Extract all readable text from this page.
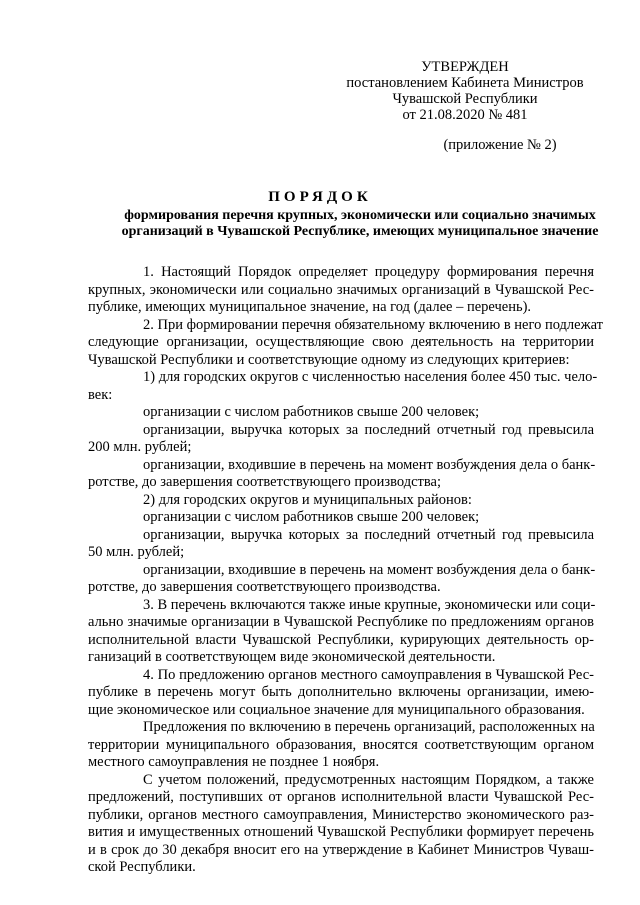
УТВЕРЖДЕН
постановлением Кабинета Министров
Чувашской Республики
от 21.08.2020 № 481
(приложение № 2)
ПОРЯДОК
формирования перечня крупных, экономически или социально значимых
организаций в Чувашской Республике, имеющих муниципальное значение
1. Настоящий Порядок определяет процедуру формирования перечня
крупных, экономически или социально значимых организаций в Чувашской Рес-
публике, имеющих муниципальное значение, на год (далее – перечень).
2. При формировании перечня обязательному включению в него подлежат
следующие организации, осуществляющие свою деятельность на территории
Чувашской Республики и соответствующие одному из следующих критериев:
1) для городских округов с численностью населения более 450 тыс. чело-
век:
организации с числом работников свыше 200 человек;
организации, выручка которых за последний отчетный год превысила
200 млн. рублей;
организации, входившие в перечень на момент возбуждения дела о банк-
ротстве, до завершения соответствующего производства;
2) для городских округов и муниципальных районов:
организации с числом работников свыше 200 человек;
организации, выручка которых за последний отчетный год превысила
50 млн. рублей;
организации, входившие в перечень на момент возбуждения дела о банк-
ротстве, до завершения соответствующего производства.
3. В перечень включаются также иные крупные, экономически или соци-
ально значимые организации в Чувашской Республике по предложениям органов
исполнительной власти Чувашской Республики, курирующих деятельность ор-
ганизаций в соответствующем виде экономической деятельности.
4. По предложению органов местного самоуправления в Чувашской Рес-
публике в перечень могут быть дополнительно включены организации, имею-
щие экономическое или социальное значение для муниципального образования.
Предложения по включению в перечень организаций, расположенных на
территории муниципального образования, вносятся соответствующим органом
местного самоуправления не позднее 1 ноября.
С учетом положений, предусмотренных настоящим Порядком, а также
предложений, поступивших от органов исполнительной власти Чувашской Рес-
публики, органов местного самоуправления, Министерство экономического раз-
вития и имущественных отношений Чувашской Республики формирует перечень
и в срок до 30 декабря вносит его на утверждение в Кабинет Министров Чуваш-
ской Республики.
